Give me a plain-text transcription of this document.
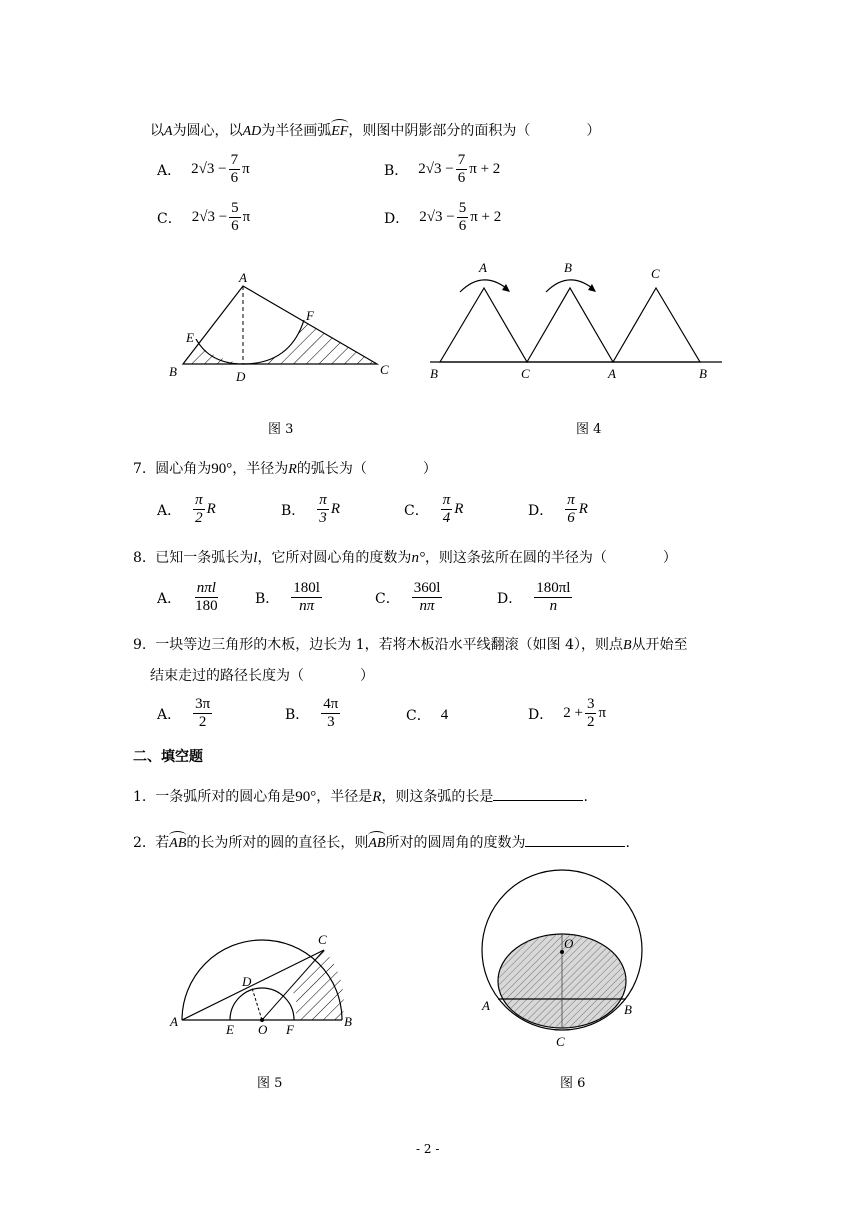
以A为圆心，以AD为半径画弧EF，则图中阴影部分的面积为（　　　　）
A． $2√3 - \frac{7}{6}$ π	B． $2√3 - \frac{7}{6}$ π + 2
C． $2√3 - \frac{5}{6}$ π	D． $2√3 - \frac{5}{6}$ π + 2
A
B	C
D
E
F
图 3
A	B	C
B	C	A	B
图 4
7. 圆心角为90°，半径为R的弧长为（　　　　）
A． $\frac{\pi}{2}$ R	B． $\frac{\pi}{3}$ R	C． $\frac{\pi}{4}$ R	D． $\frac{\pi}{6}$ R
8. 已知一条弧长为l，它所对圆心角的度数为n°，则这条弦所在圆的半径为（　　　　）
A． $\frac{\text{nπl}}{180}$	B． $\frac{180l}{n\pi}$	C． $\frac{360l}{n\pi}$	D． $\frac{180\pi l}{n}$
9. 一块等边三角形的木板，边长为 1，若将木板沿水平线翻滚（如图 4），则点B从开始至
结束走过的路径长度为（　　　　）
A． $\frac{3\pi}{2}$	B． $\frac{4\pi}{3}$	C． 4	D． $2 + \frac{3}{2}$ π
二、填空题
1. 一条弧所对的圆心角是90°，半径是R，则这条弧的长是	.
2. 若AB的长为所对的圆的直径长，则AB所对的圆周角的度数为	.
A	B
C
D
E O F
图 5
O
A	B
C
图 6
- 2 -
